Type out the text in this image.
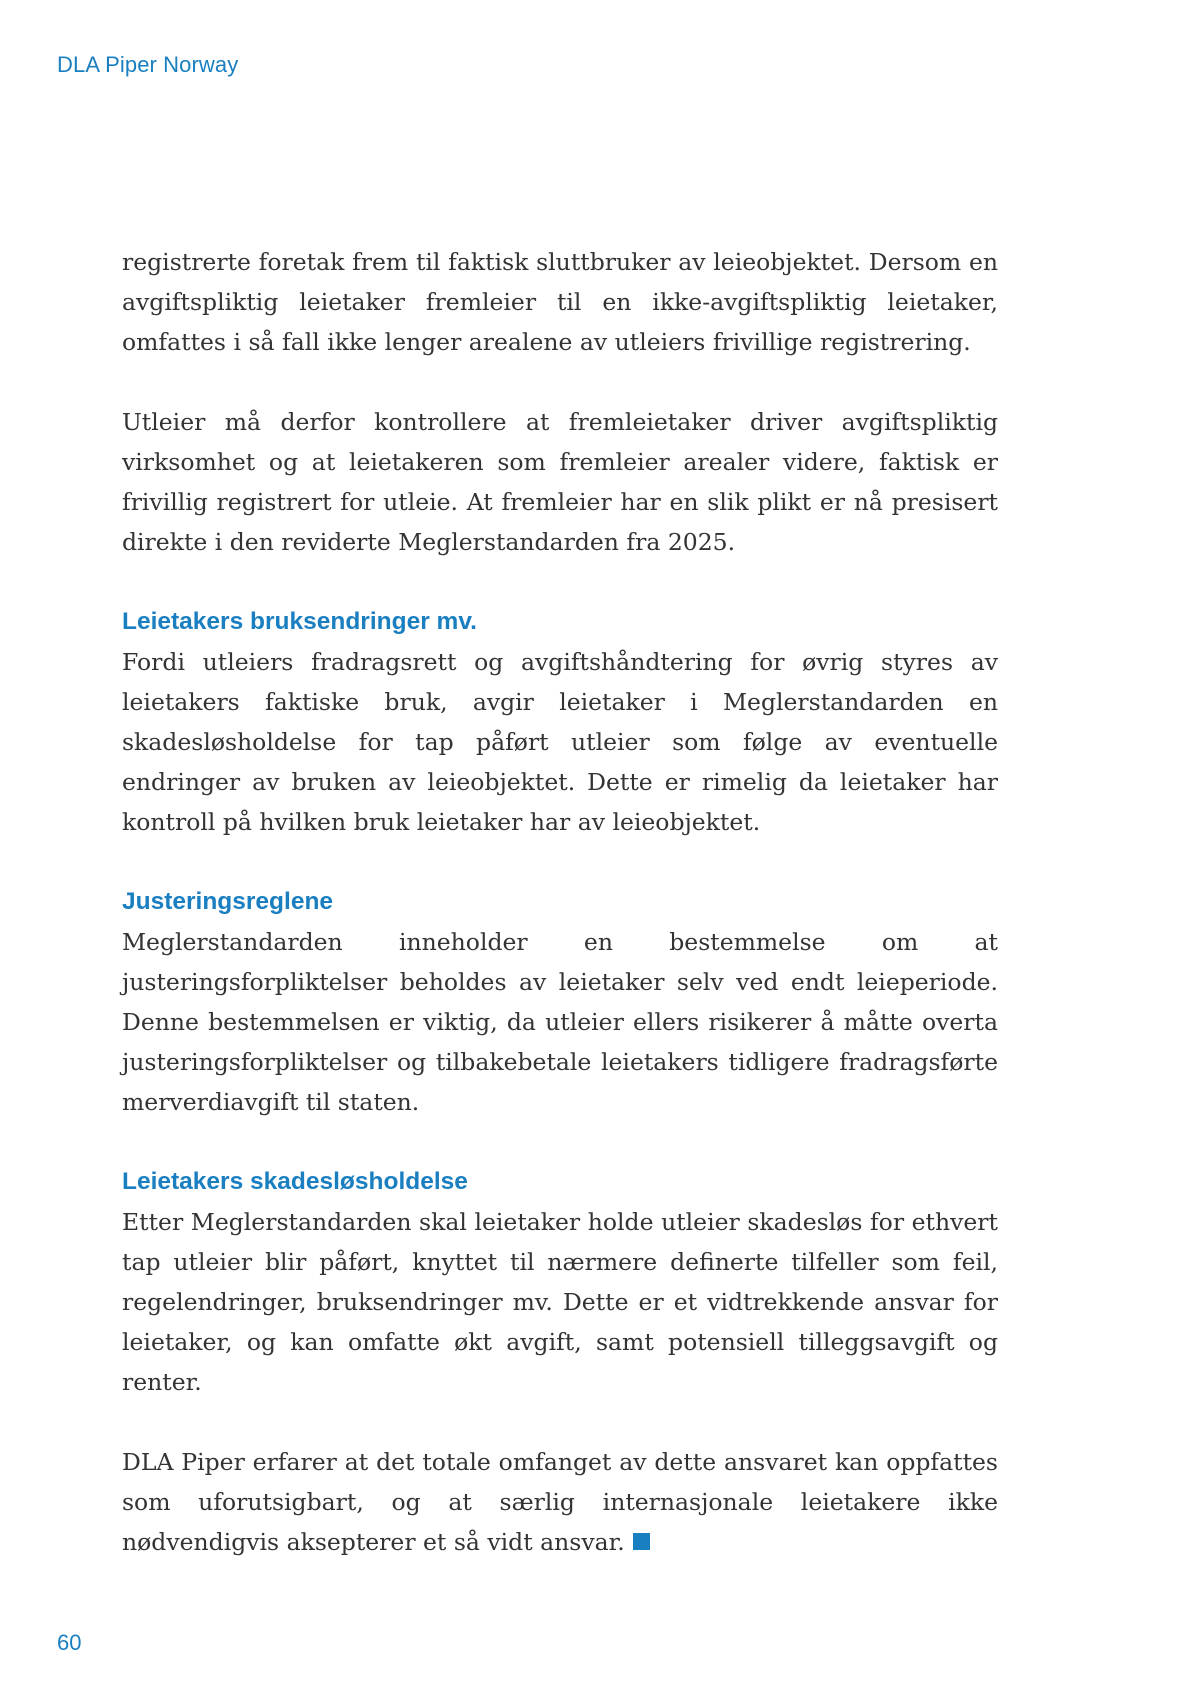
DLA Piper Norway

registrerte foretak frem til faktisk sluttbruker av leieobjektet. Dersom en avgiftspliktig leietaker fremleier til en ikke-avgiftspliktig leietaker, omfattes i så fall ikke lenger arealene av utleiers frivillige registrering.

Utleier må derfor kontrollere at fremleietaker driver avgiftspliktig virksomhet og at leietakeren som fremleier arealer videre, faktisk er frivillig registrert for utleie. At fremleier har en slik plikt er nå presisert direkte i den reviderte Meglerstandarden fra 2025.

Leietakers bruksendringer mv.

Fordi utleiers fradragsrett og avgiftshåndtering for øvrig styres av leietakers faktiske bruk, avgir leietaker i Meglerstandarden en skadesløsholdelse for tap påført utleier som følge av eventuelle endringer av bruken av leieobjektet. Dette er rimelig da leietaker har kontroll på hvilken bruk leietaker har av leieobjektet.

Justeringsreglene

Meglerstandarden inneholder en bestemmelse om at justeringsforpliktelser beholdes av leietaker selv ved endt leieperiode. Denne bestemmelsen er viktig, da utleier ellers risikerer å måtte overta justeringsforpliktelser og tilbakebetale leietakers tidligere fradragsførte merverdiavgift til staten.

Leietakers skadesløsholdelse

Etter Meglerstandarden skal leietaker holde utleier skadesløs for ethvert tap utleier blir påført, knyttet til nærmere definerte tilfeller som feil, regelendringer, bruksendringer mv. Dette er et vidtrekkende ansvar for leietaker, og kan omfatte økt avgift, samt potensiell tilleggsavgift og renter.

DLA Piper erfarer at det totale omfanget av dette ansvaret kan oppfattes som uforutsigbart, og at særlig internasjonale leietakere ikke nødvendigvis aksepterer et så vidt ansvar.

60
